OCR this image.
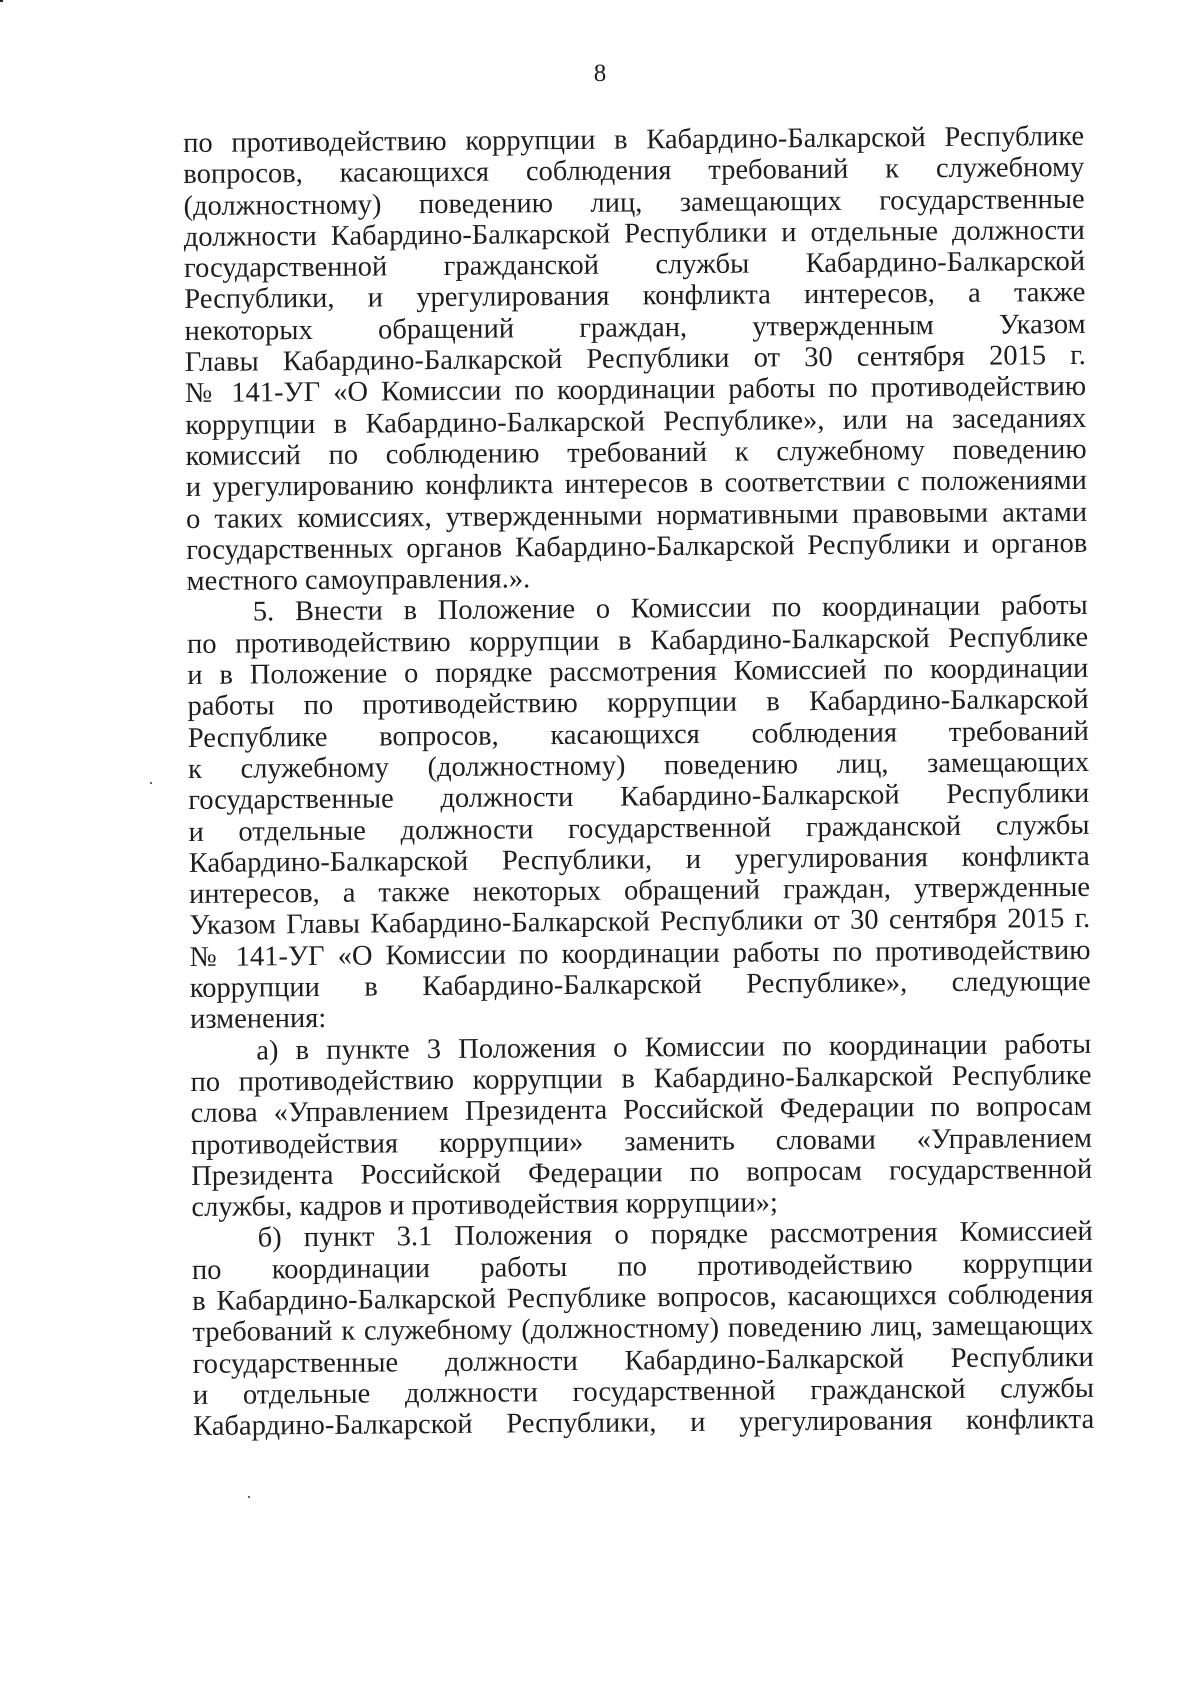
8
по противодействию коррупции в Кабардино-Балкарской Республике
вопросов, касающихся соблюдения требований к служебному
(должностному) поведению лиц, замещающих государственные
должности Кабардино-Балкарской Республики и отдельные должности
государственной гражданской службы Кабардино-Балкарской
Республики, и урегулирования конфликта интересов, а также
некоторых обращений граждан, утвержденным Указом
Главы Кабардино-Балкарской Республики от 30 сентября 2015 г.
№ 141-УГ «О Комиссии по координации работы по противодействию
коррупции в Кабардино-Балкарской Республике», или на заседаниях
комиссий по соблюдению требований к служебному поведению
и урегулированию конфликта интересов в соответствии с положениями
о таких комиссиях, утвержденными нормативными правовыми актами
государственных органов Кабардино-Балкарской Республики и органов
местного самоуправления.».
5. Внести в Положение о Комиссии по координации работы
по противодействию коррупции в Кабардино-Балкарской Республике
и в Положение о порядке рассмотрения Комиссией по координации
работы по противодействию коррупции в Кабардино-Балкарской
Республике вопросов, касающихся соблюдения требований
к служебному (должностному) поведению лиц, замещающих
государственные должности Кабардино-Балкарской Республики
и отдельные должности государственной гражданской службы
Кабардино-Балкарской Республики, и урегулирования конфликта
интересов, а также некоторых обращений граждан, утвержденные
Указом Главы Кабардино-Балкарской Республики от 30 сентября 2015 г.
№ 141-УГ «О Комиссии по координации работы по противодействию
коррупции в Кабардино-Балкарской Республике», следующие
изменения:
а) в пункте 3 Положения о Комиссии по координации работы
по противодействию коррупции в Кабардино-Балкарской Республике
слова «Управлением Президента Российской Федерации по вопросам
противодействия коррупции» заменить словами «Управлением
Президента Российской Федерации по вопросам государственной
службы, кадров и противодействия коррупции»;
б) пункт 3.1 Положения о порядке рассмотрения Комиссией
по координации работы по противодействию коррупции
в Кабардино-Балкарской Республике вопросов, касающихся соблюдения
требований к служебному (должностному) поведению лиц, замещающих
государственные должности Кабардино-Балкарской Республики
и отдельные должности государственной гражданской службы
Кабардино-Балкарской Республики, и урегулирования конфликта
